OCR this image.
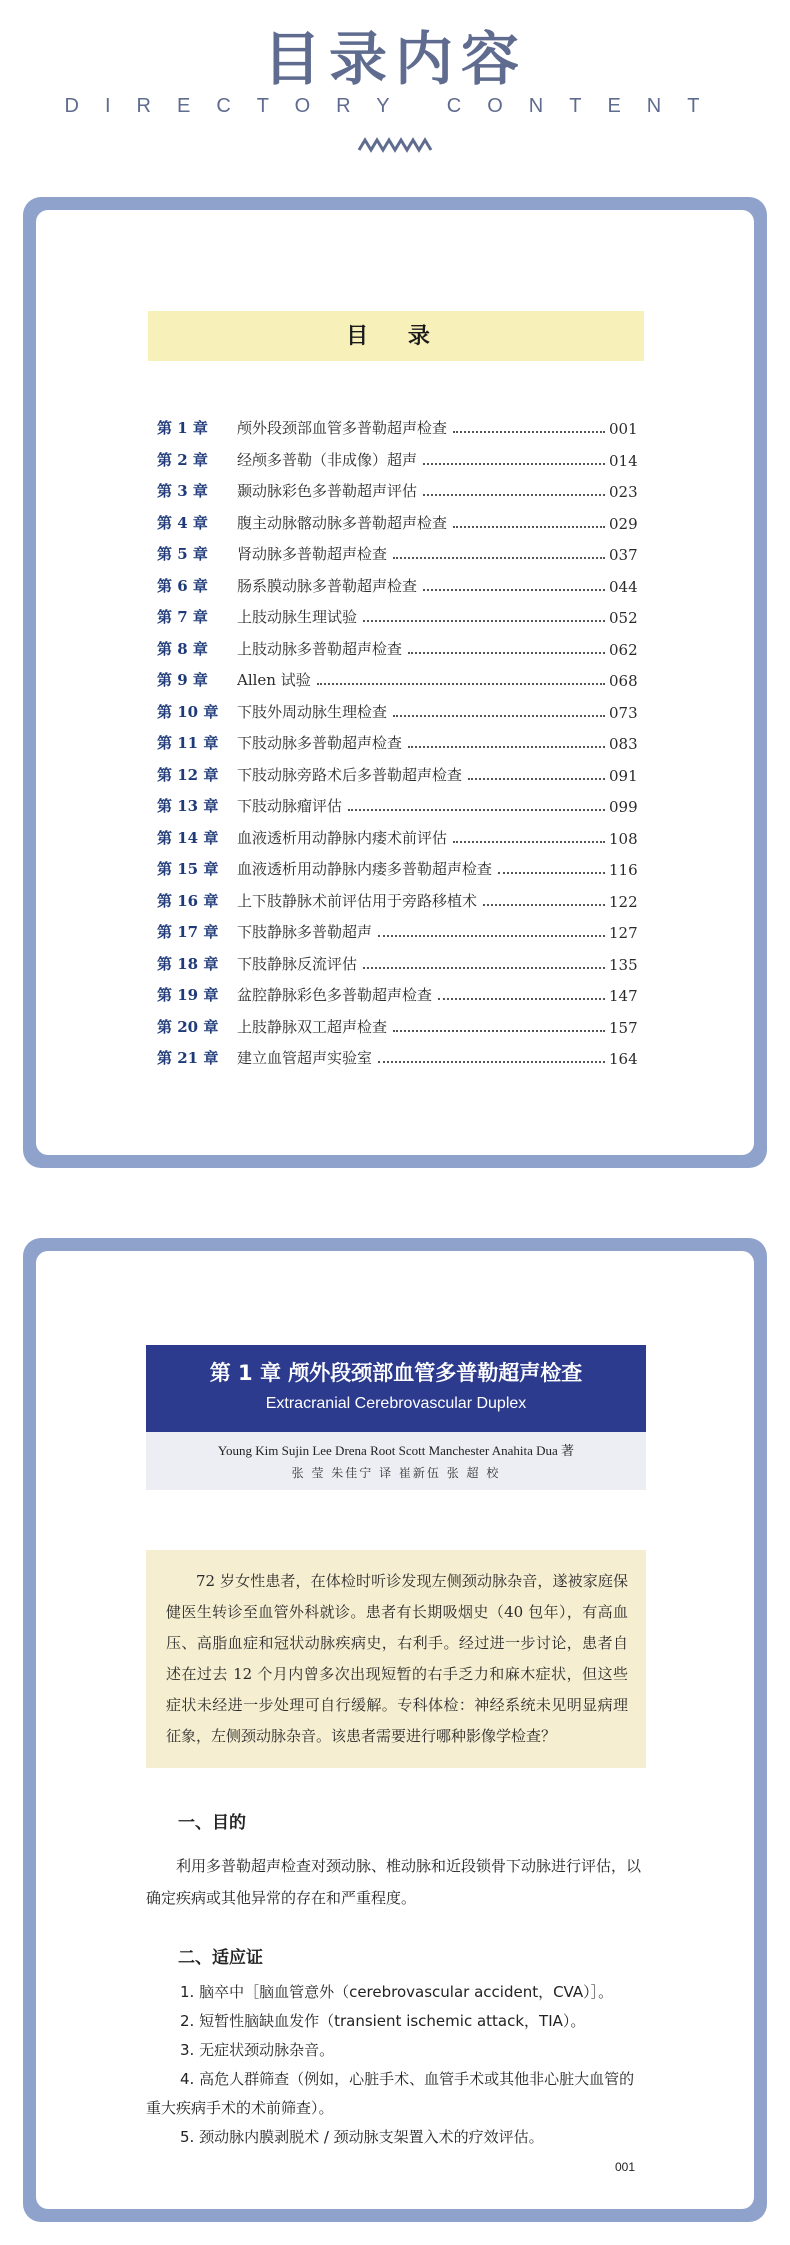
目录内容
DIRECTORY CONTENT
目 录
第 1 章	颅外段颈部血管多普勒超声检查	001
第 2 章	经颅多普勒（非成像）超声	014
第 3 章	颞动脉彩色多普勒超声评估	023
第 4 章	腹主动脉髂动脉多普勒超声检查	029
第 5 章	肾动脉多普勒超声检查	037
第 6 章	肠系膜动脉多普勒超声检查	044
第 7 章	上肢动脉生理试验	052
第 8 章	上肢动脉多普勒超声检查	062
第 9 章	Allen 试验	068
第 10 章	下肢外周动脉生理检查	073
第 11 章	下肢动脉多普勒超声检查	083
第 12 章	下肢动脉旁路术后多普勒超声检查	091
第 13 章	下肢动脉瘤评估	099
第 14 章	血液透析用动静脉内瘘术前评估	108
第 15 章	血液透析用动静脉内瘘多普勒超声检查	116
第 16 章	上下肢静脉术前评估用于旁路移植术	122
第 17 章	下肢静脉多普勒超声	127
第 18 章	下肢静脉反流评估	135
第 19 章	盆腔静脉彩色多普勒超声检查	147
第 20 章	上肢静脉双工超声检查	157
第 21 章	建立血管超声实验室	164
第 1 章 颅外段颈部血管多普勒超声检查
Extracranial Cerebrovascular Duplex
Young Kim Sujin Lee Drena Root Scott Manchester Anahita Dua 著
张 莹 朱佳宁 译 崔新伍 张 超 校
72 岁女性患者，在体检时听诊发现左侧颈动脉杂音，遂被家庭保健医生转诊至血管外科就诊。患者有长期吸烟史（40 包年），有高血压、高脂血症和冠状动脉疾病史，右利手。经过进一步讨论，患者自述在过去 12 个月内曾多次出现短暂的右手乏力和麻木症状，但这些症状未经进一步处理可自行缓解。专科体检：神经系统未见明显病理征象，左侧颈动脉杂音。该患者需要进行哪种影像学检查？
一、目的
利用多普勒超声检查对颈动脉、椎动脉和近段锁骨下动脉进行评估，以确定疾病或其他异常的存在和严重程度。
二、适应证
1. 脑卒中［脑血管意外（cerebrovascular accident，CVA）］。
2. 短暂性脑缺血发作（transient ischemic attack，TIA）。
3. 无症状颈动脉杂音。
4. 高危人群筛查（例如，心脏手术、血管手术或其他非心脏大血管的重大疾病手术的术前筛查）。
5. 颈动脉内膜剥脱术 / 颈动脉支架置入术的疗效评估。
001
